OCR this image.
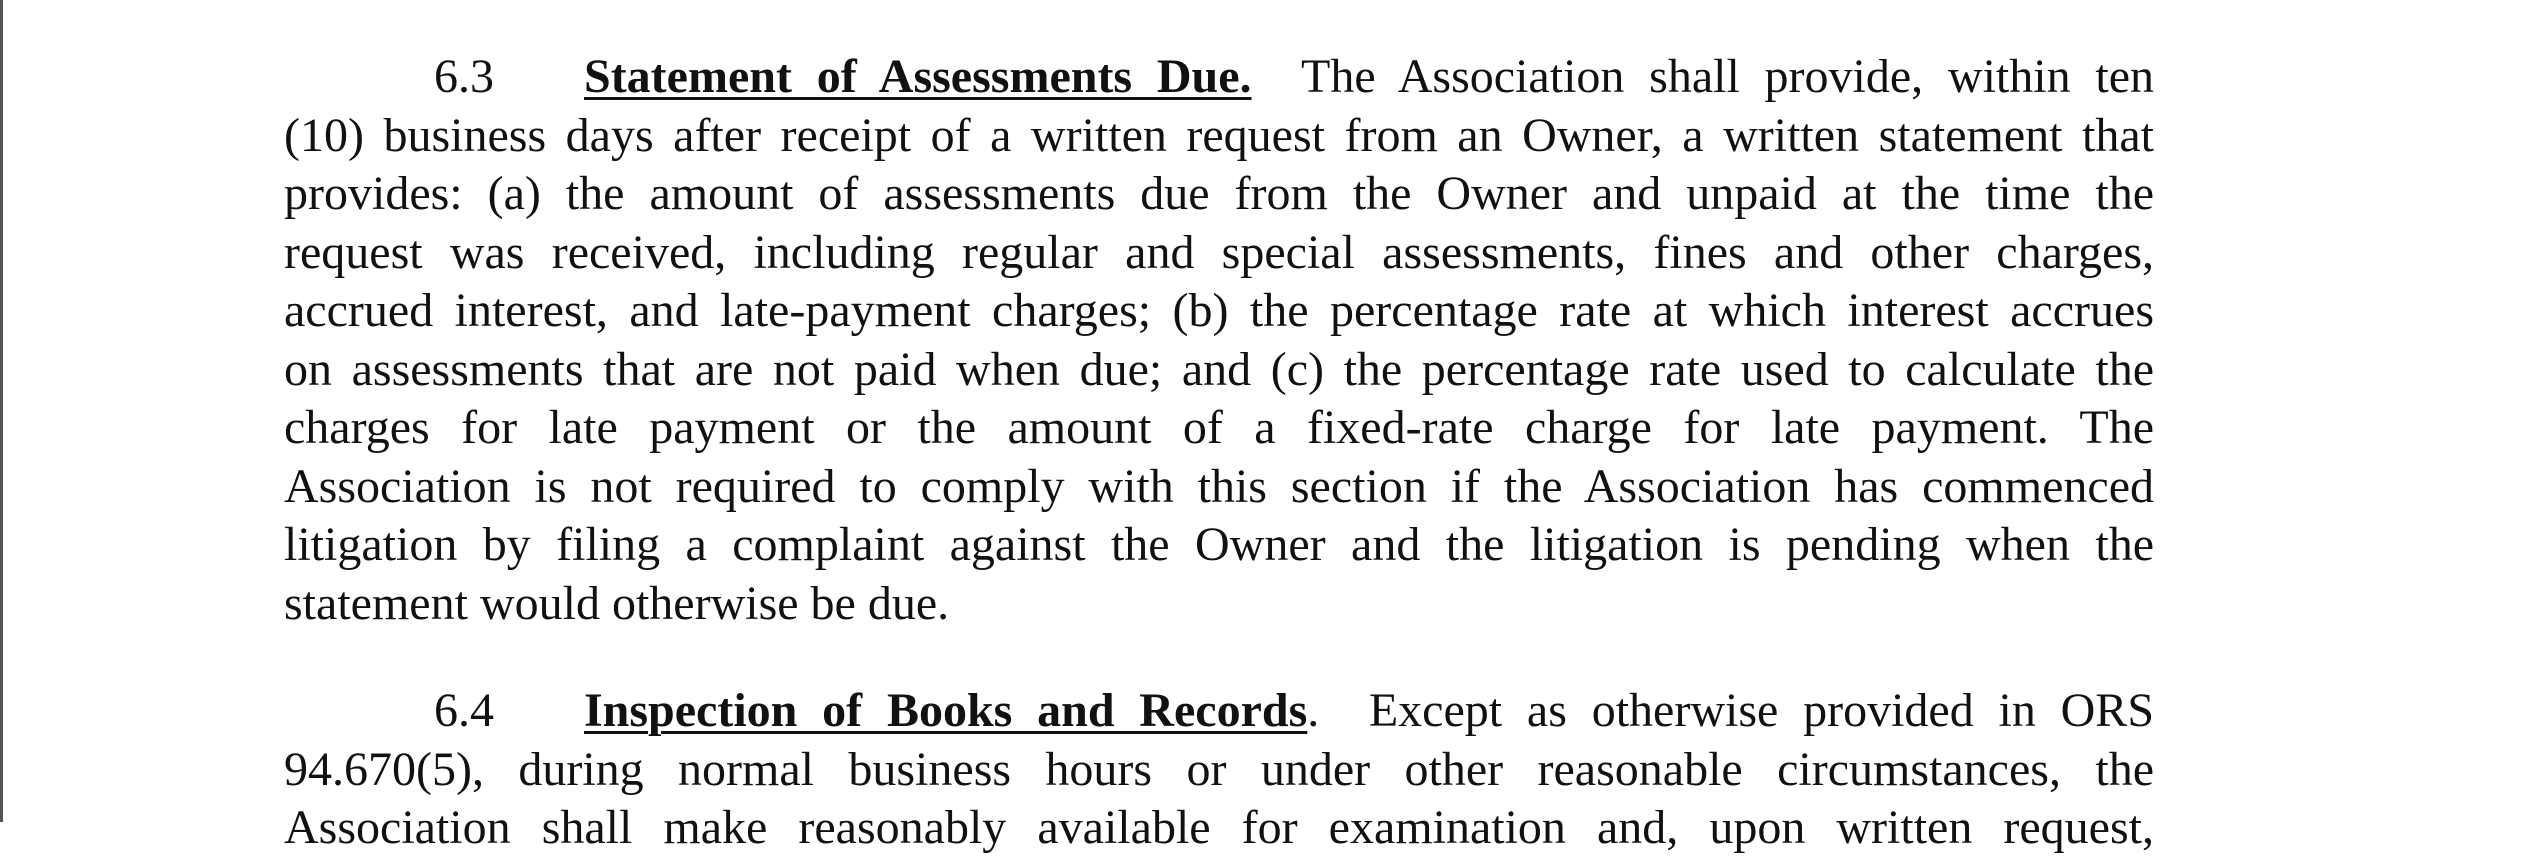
6.3 Statement of Assessments Due. The Association shall provide, within ten
(10) business days after receipt of a written request from an Owner, a written statement that
provides: (a) the amount of assessments due from the Owner and unpaid at the time the
request was received, including regular and special assessments, fines and other charges,
accrued interest, and late-payment charges; (b) the percentage rate at which interest accrues
on assessments that are not paid when due; and (c) the percentage rate used to calculate the
charges for late payment or the amount of a fixed-rate charge for late payment. The
Association is not required to comply with this section if the Association has commenced
litigation by filing a complaint against the Owner and the litigation is pending when the
statement would otherwise be due.
6.4 Inspection of Books and Records. Except as otherwise provided in ORS
94.670(5), during normal business hours or under other reasonable circumstances, the
Association shall make reasonably available for examination and, upon written request,
